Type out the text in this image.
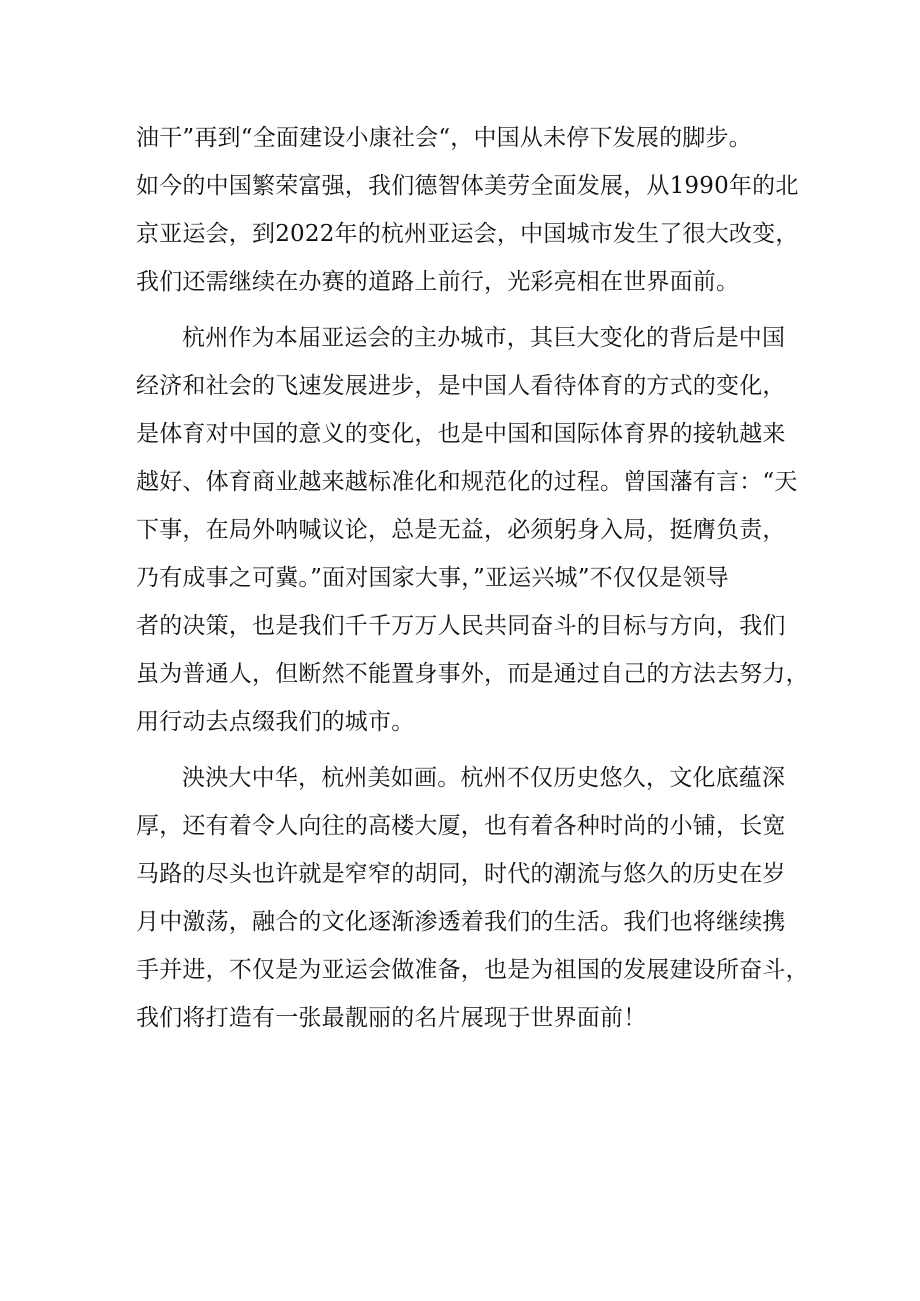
油干”再到“全面建设小康社会“，中国从未停下发展的脚步。
如今的中国繁荣富强，我们德智体美劳全面发展，从1990年的北
京亚运会，到2022年的杭州亚运会，中国城市发生了很大改变，
我们还需继续在办赛的道路上前行，光彩亮相在世界面前。
杭州作为本届亚运会的主办城市，其巨大变化的背后是中国
经济和社会的飞速发展进步，是中国人看待体育的方式的变化，
是体育对中国的意义的变化，也是中国和国际体育界的接轨越来
越好、体育商业越来越标准化和规范化的过程。曾国藩有言：“天
下事，在局外呐喊议论，总是无益，必须躬身入局，挺膺负责，
乃有成事之可冀。”面对国家大事，”亚运兴城”不仅仅是领导
者的决策，也是我们千千万万人民共同奋斗的目标与方向，我们
虽为普通人，但断然不能置身事外，而是通过自己的方法去努力，
用行动去点缀我们的城市。
泱泱大中华，杭州美如画。杭州不仅历史悠久，文化底蕴深
厚，还有着令人向往的高楼大厦，也有着各种时尚的小铺，长宽
马路的尽头也许就是窄窄的胡同，时代的潮流与悠久的历史在岁
月中激荡，融合的文化逐渐渗透着我们的生活。我们也将继续携
手并进，不仅是为亚运会做准备，也是为祖国的发展建设所奋斗，
我们将打造有一张最靓丽的名片展现于世界面前！
